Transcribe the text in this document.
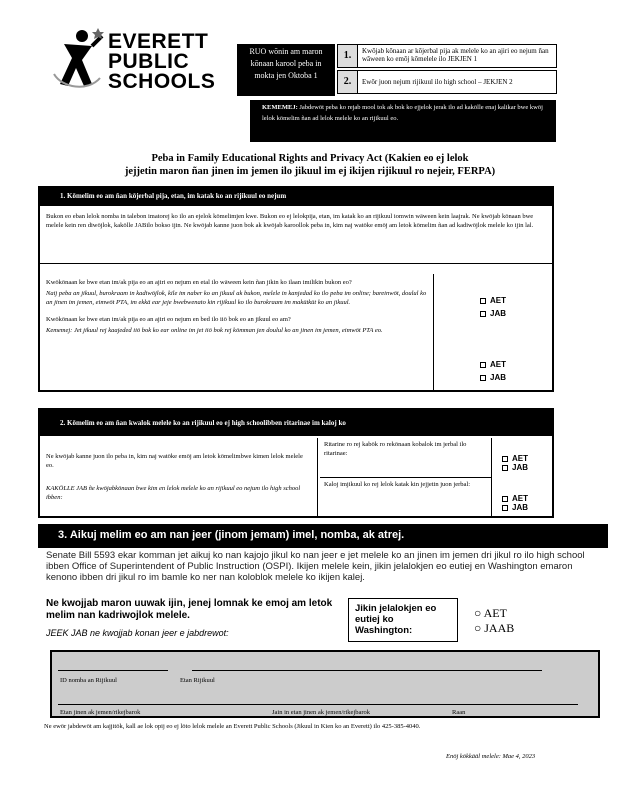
EVERETT
PUBLIC
SCHOOLS
RUO wōnin am maron kōnaan karool peba in mokta jen Oktoba 1
1.	Kwōjab kōnaan ar kōjerbal pija ak melele ko an ajiri eo nejum ñan wāween ko emōj kōmelele ilo JEKJEN 1
2.	Ewōr juon nejum rijikuul ilo high school – JEKJEN 2
KEMEMEJ: Jabdewōt peba ko rejab mool tok ak bok ko ejjelok jerak ilo ad kakōlle enaj kalikar bwe kwōj lelok kōmelim ñan ad lelok melele ko an rijikuul eo.
Peba in Family Educational Rights and Privacy Act (Kakien eo ej lelok
jejjetin maron ñan jinen im jemen ilo jikuul im ej ikijen rijikuul ro nejeir, FERPA)
1. Kōmelim eo am ñan kōjerbal pija, etan, im katak ko an rijikuul eo nejum
Bukon eo eban lelok nomba in talebon imatorej ko ilo an ejelok kōmelimjen kwe. Bukon eo ej lelokpija, etan, im katak ko an rijikuul iomwin wāween kein laajrak. Ne kwōjab kōnaan bwe melele kein ren diwōjlok, kakōlle JABilo bokso ijin. Ne kwōjab kanne juon bok ak kwōjab karoollok peba in, kim naj watōke emōj am letok kōmelim ñan ad kadiwōjlok melele ko ijin lal.
Kwōkōnaan ke bwe etan im/ak pija eo an ajiri eo nejum en etal ilo wāween kein ñan jikin ko ilaan imilikin bukon eo?
Naij peba an jikuul, burokraam in kadiwōjlok, kile im naber ko an jikuul ak bukon, melele in kanjedad ko ilo peba im online; bareinwōt, doulul ko an jinen im jemen, eimwōt PTA, im ekkā ear jeje bwebwenato kin rijikuul ko ilo burokraam im makūtkūt ko an jikuul.
Kwōkōnaan ke bwe etan im/ak pija eo an ajiri eo nejum en bed ilo iiō bok eo an jikuul eo am?
Kememej: Jet jikuul rej kaajeded iiō bok ko ear online im jet iiō bok rej kōmman jen doulul ko an jinen im jemen, eimwōt PTA eo.
AET
JAB
AET
JAB
2. Kōmelim eo am ñan kwalok melele ko an rijikuul eo ej high schoolibben ritarinae im kaloj ko
Ne kwōjab kanne juon ilo peba in, kim naj watōke emōj am letok kōmelimbwe kimen lelok melele eo.
KAKŌLLE JAB ñe kwōjabkōnaan bwe kim en lelok melele ko an rijikuul eo nejum ilo high school ibben:
Ritarine ro rej kabōk ro rekōnaan kobalok im jerbal ilo ritarinae:
Kaloj imjikuul ko rej lelok katak kin jejjetin juon jerbal:
AET
JAB
AET
JAB
3. Aikuj melim eo am nan jeer (jinom jemam) imel, nomba, ak atrej.
Senate Bill 5593 ekar komman jet aikuj ko nan kajojo jikul ko nan jeer e jet melele ko an jinen im jemen dri jikul ro ilo high school ibben Office of Superintendent of Public Instruction (OSPI). Ikijen melele kein, jikin jelalokjen eo eutiej en Washington emaron kenono ibben dri jikul ro im bamle ko ner nan koloblok melele ko ikijen kalej.
Ne kwojjab maron uuwak ijin, jenej lomnak ke emoj am letok melim nan kadriwojlok melele.
JEEK JAB ne kwojjab konan jeer e jabdrewot:
Jikin jelalokjen eo eutiej ko Washington:
○ AET
○ JAAB
ID nomba an Rijikuul	Etan Rijikuul
Etan jinen ak jemen/rikejbarok	Jain in etan jinen ak jemen/rikejbarok	Raan
Ne ewōr jabdewōt am kajjitōk, kall ae lok opij eo ej lōto lelok melele an Everett Public Schools (Jikuul in Kien ko an Everett) ilo 425-385-4040.
Enōj kōkkāāl melele: Mae 4, 2023
